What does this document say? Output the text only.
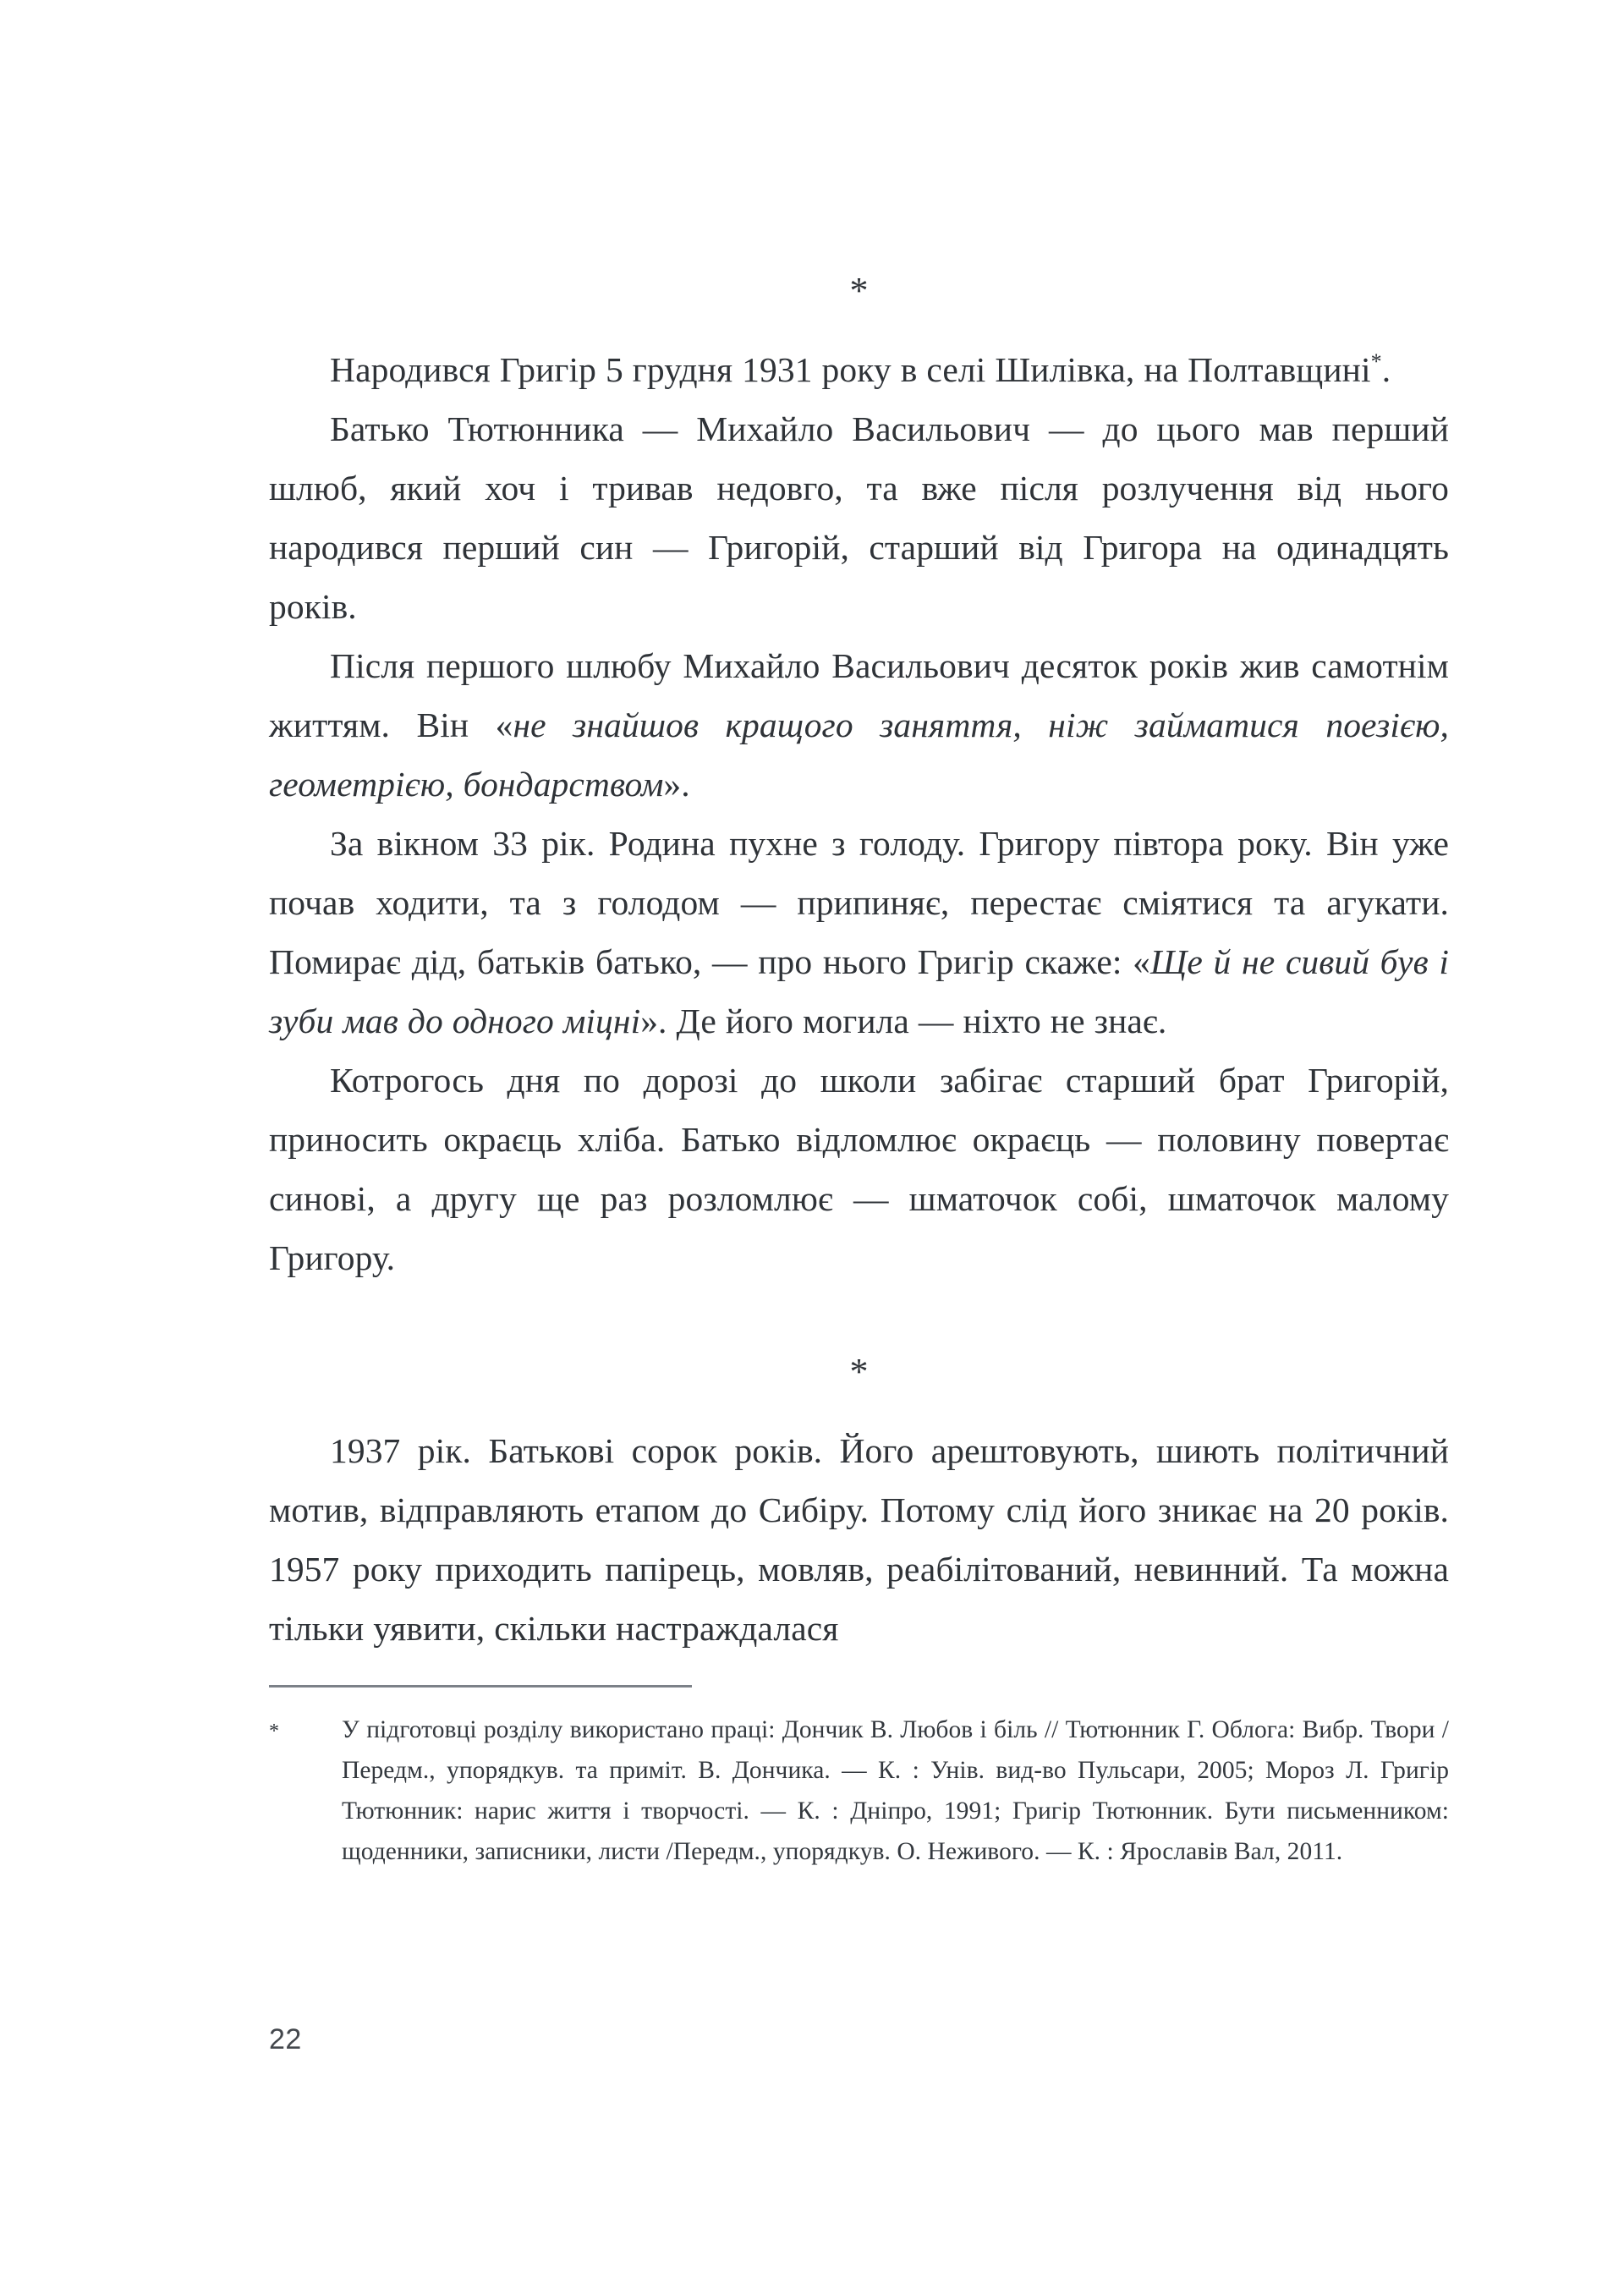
*

Народився Григір 5 грудня 1931 року в селі Шилівка, на Полтавщині*.

Батько Тютюнника — Михайло Васильович — до цього мав перший шлюб, який хоч і тривав недовго, та вже після розлучення від нього народився перший син — Григорій, старший від Григора на одинадцять років.

Після першого шлюбу Михайло Васильович десяток років жив самотнім життям. Він «не знайшов кращого заняття, ніж займатися поезією, геометрією, бондарством».

За вікном 33 рік. Родина пухне з голоду. Григору півтора року. Він уже почав ходити, та з голодом — припиняє, перестає сміятися та агукати. Помирає дід, батьків батько, — про нього Григір скаже: «Ще й не сивий був і зуби мав до одного міцні». Де його могила — ніхто не знає.

Котрогось дня по дорозі до школи забігає старший брат Григорій, приносить окраєць хліба. Батько відломлює окраєць — половину повертає синові, а другу ще раз розломлює — шматочок собі, шматочок малому Григору.

*

1937 рік. Батькові сорок років. Його арештовують, шиють політичний мотив, відправляють етапом до Сибіру. Потому слід його зникає на 20 років. 1957 року приходить папірець, мовляв, реабілітований, невинний. Та можна тільки уявити, скільки настраждалася

*	У підготовці розділу використано праці: Дончик В. Любов і біль // Тютюнник Г. Облога: Вибр. Твори / Передм., упорядкув. та приміт. В. Дончика. — К. : Унів. вид-во Пульсари, 2005; Мороз Л. Григір Тютюнник: нарис життя і творчості. — К. : Дніпро, 1991; Григір Тютюнник. Бути письменником: щоденники, записники, листи /Передм., упорядкув. О. Неживого. — К. : Ярославів Вал, 2011.
22
